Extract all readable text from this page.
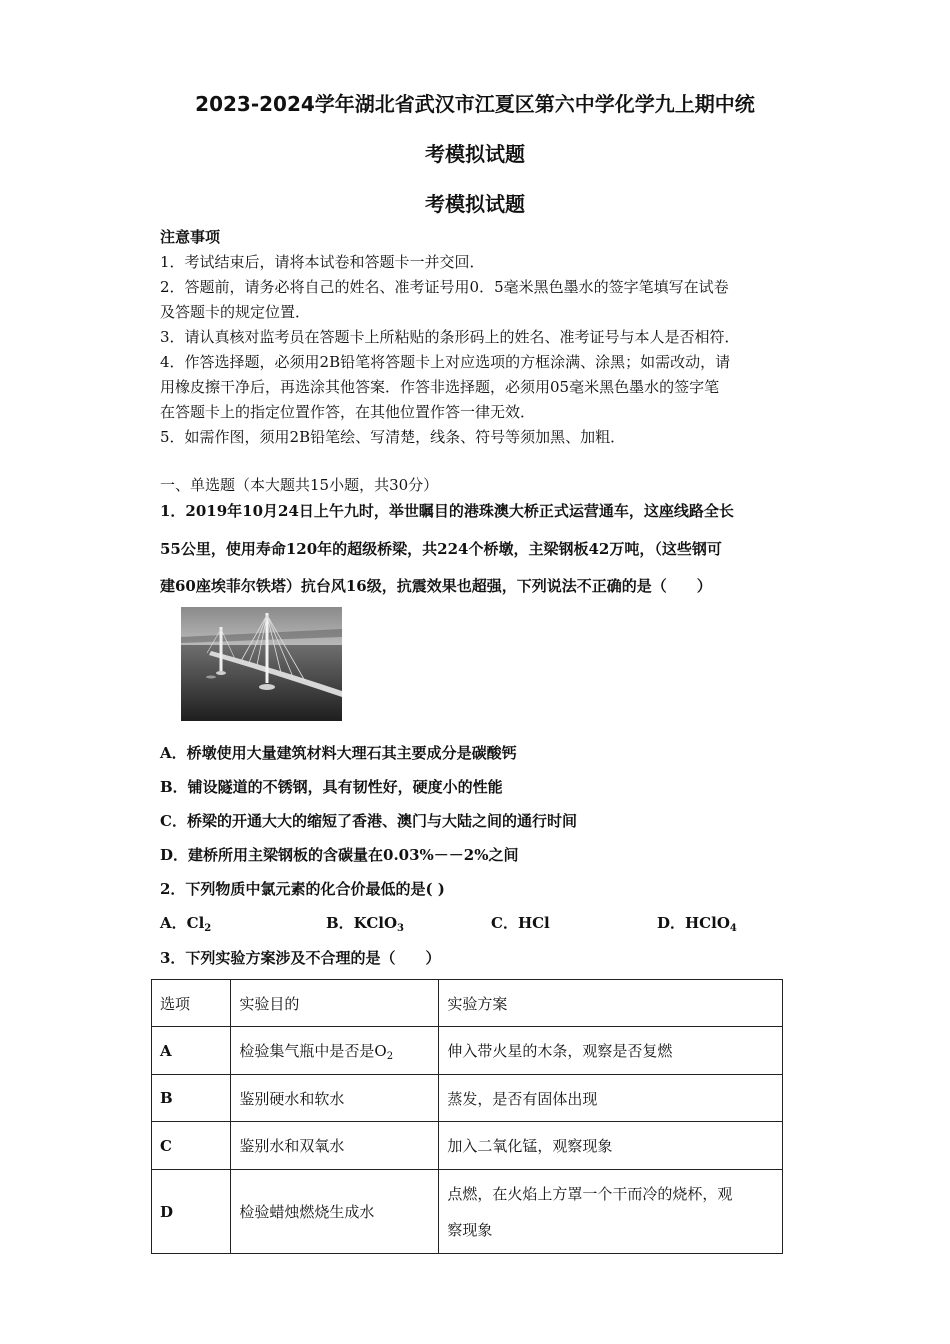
2023-2024学年湖北省武汉市江夏区第六中学化学九上期中统
考模拟试题
考模拟试题
注意事项
1．考试结束后，请将本试卷和答题卡一并交回．
2．答题前，请务必将自己的姓名、准考证号用0．5毫米黑色墨水的签字笔填写在试卷
及答题卡的规定位置．
3．请认真核对监考员在答题卡上所粘贴的条形码上的姓名、准考证号与本人是否相符．
4．作答选择题，必须用2B铅笔将答题卡上对应选项的方框涂满、涂黑；如需改动，请
用橡皮擦干净后，再选涂其他答案．作答非选择题，必须用05毫米黑色墨水的签字笔
在答题卡上的指定位置作答，在其他位置作答一律无效．
5．如需作图，须用2B铅笔绘、写清楚，线条、符号等须加黑、加粗．
一、单选题（本大题共15小题，共30分）
1．2019年10月24日上午九时，举世瞩目的港珠澳大桥正式运营通车，这座线路全长
55公里，使用寿命120年的超级桥梁，共224个桥墩，主梁钢板42万吨，（这些钢可
建60座埃菲尔铁塔）抗台风16级，抗震效果也超强，下列说法不正确的是（　　）
A．桥墩使用大量建筑材料大理石其主要成分是碳酸钙
B．铺设隧道的不锈钢，具有韧性好，硬度小的性能
C．桥梁的开通大大的缩短了香港、澳门与大陆之间的通行时间
D．建桥所用主梁钢板的含碳量在0.03%－－2%之间
2．下列物质中氯元素的化合价最低的是( )
A．$Cl_2$	B．KClO$_3$	C．HCl	D．HClO$_4$
3．下列实验方案涉及不合理的是（　　）
选项	实验目的	实验方案
A	检验集气瓶中是否是$O_2$	伸入带火星的木条，观察是否复燃
B	鉴别硬水和软水	蒸发，是否有固体出现
C	鉴别水和双氧水	加入二氧化锰，观察现象
D	检验蜡烛燃烧生成水	点燃，在火焰上方罩一个干而冷的烧杯，观
察现象
